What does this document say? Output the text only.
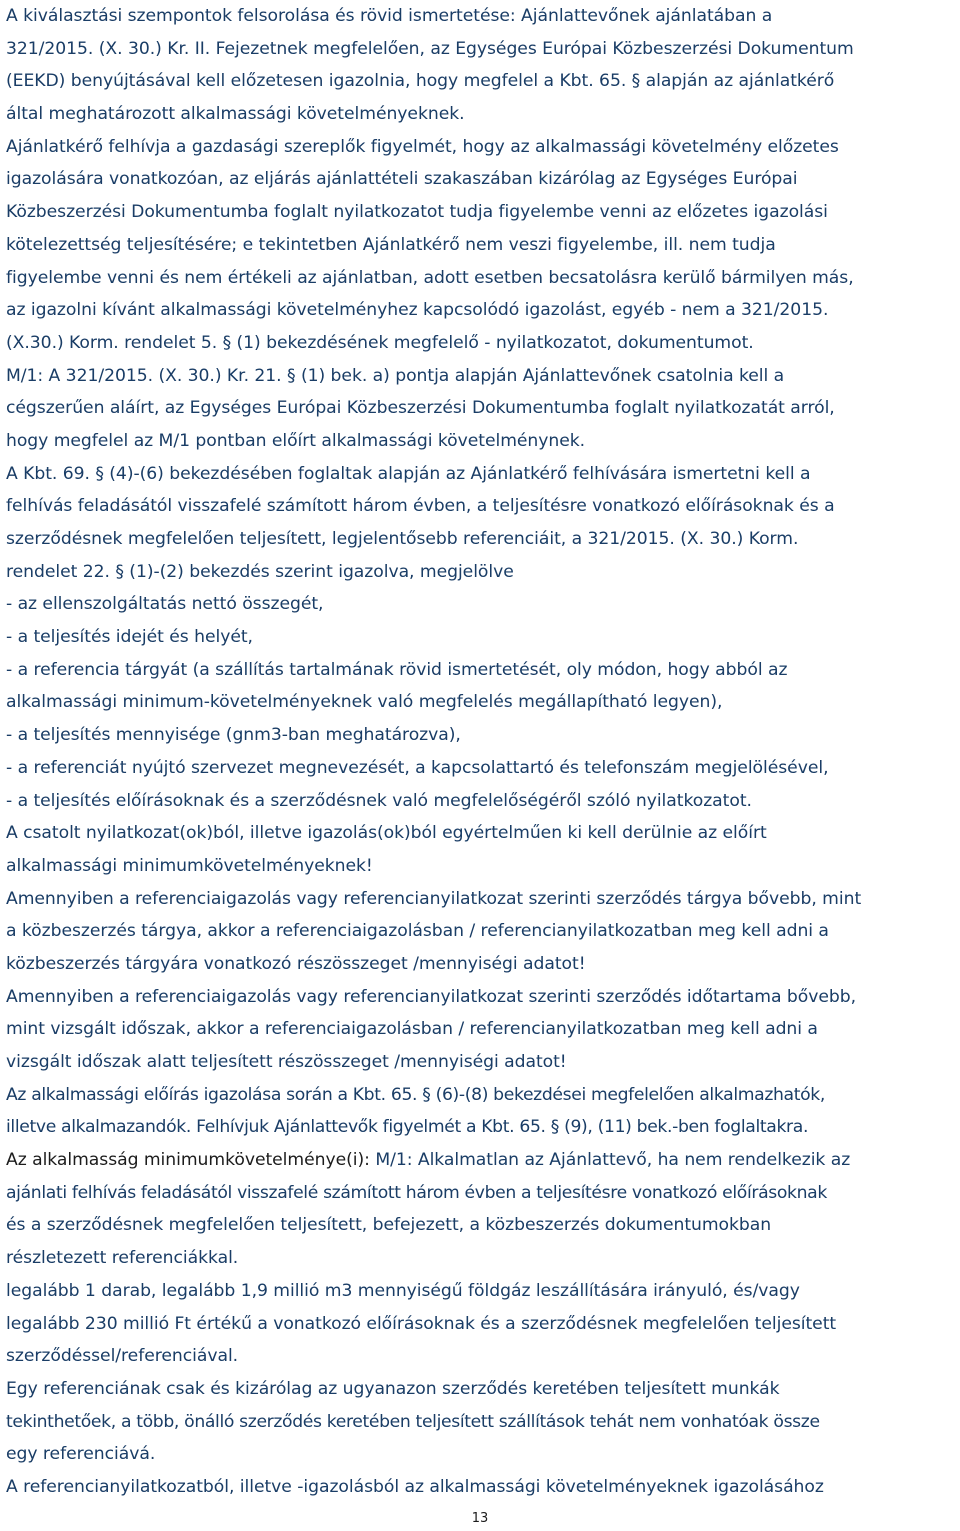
A kiválasztási szempontok felsorolása és rövid ismertetése: Ajánlattevőnek ajánlatában a
321/2015. (X. 30.) Kr. II. Fejezetnek megfelelően, az Egységes Európai Közbeszerzési Dokumentum
(EEKD) benyújtásával kell előzetesen igazolnia, hogy megfelel a Kbt. 65. § alapján az ajánlatkérő
által meghatározott alkalmassági követelményeknek.
Ajánlatkérő felhívja a gazdasági szereplők figyelmét, hogy az alkalmassági követelmény előzetes
igazolására vonatkozóan, az eljárás ajánlattételi szakaszában kizárólag az Egységes Európai
Közbeszerzési Dokumentumba foglalt nyilatkozatot tudja figyelembe venni az előzetes igazolási
kötelezettség teljesítésére; e tekintetben Ajánlatkérő nem veszi figyelembe, ill. nem tudja
figyelembe venni és nem értékeli az ajánlatban, adott esetben becsatolásra kerülő bármilyen más,
az igazolni kívánt alkalmassági követelményhez kapcsolódó igazolást, egyéb - nem a 321/2015.
(X.30.) Korm. rendelet 5. § (1) bekezdésének megfelelő - nyilatkozatot, dokumentumot.
M/1: A 321/2015. (X. 30.) Kr. 21. § (1) bek. a) pontja alapján Ajánlattevőnek csatolnia kell a
cégszerűen aláírt, az Egységes Európai Közbeszerzési Dokumentumba foglalt nyilatkozatát arról,
hogy megfelel az M/1 pontban előírt alkalmassági követelménynek.
A Kbt. 69. § (4)-(6) bekezdésében foglaltak alapján az Ajánlatkérő felhívására ismertetni kell a
felhívás feladásától visszafelé számított három évben, a teljesítésre vonatkozó előírásoknak és a
szerződésnek megfelelően teljesített, legjelentősebb referenciáit, a 321/2015. (X. 30.) Korm.
rendelet 22. § (1)-(2) bekezdés szerint igazolva, megjelölve
- az ellenszolgáltatás nettó összegét,
- a teljesítés idejét és helyét,
- a referencia tárgyát (a szállítás tartalmának rövid ismertetését, oly módon, hogy abból az
alkalmassági minimum-követelményeknek való megfelelés megállapítható legyen),
- a teljesítés mennyisége (gnm3-ban meghatározva),
- a referenciát nyújtó szervezet megnevezését, a kapcsolattartó és telefonszám megjelölésével,
- a teljesítés előírásoknak és a szerződésnek való megfelelőségéről szóló nyilatkozatot.
A csatolt nyilatkozat(ok)ból, illetve igazolás(ok)ból egyértelműen ki kell derülnie az előírt
alkalmassági minimumkövetelményeknek!
Amennyiben a referenciaigazolás vagy referencianyilatkozat szerinti szerződés tárgya bővebb, mint
a közbeszerzés tárgya, akkor a referenciaigazolásban / referencianyilatkozatban meg kell adni a
közbeszerzés tárgyára vonatkozó részösszeget /mennyiségi adatot!
Amennyiben a referenciaigazolás vagy referencianyilatkozat szerinti szerződés időtartama bővebb,
mint vizsgált időszak, akkor a referenciaigazolásban / referencianyilatkozatban meg kell adni a
vizsgált időszak alatt teljesített részösszeget /mennyiségi adatot!
Az alkalmassági előírás igazolása során a Kbt. 65. § (6)-(8) bekezdései megfelelően alkalmazhatók,
illetve alkalmazandók. Felhívjuk Ajánlattevők figyelmét a Kbt. 65. § (9), (11) bek.-ben foglaltakra.
Az alkalmasság minimumkövetelménye(i): M/1: Alkalmatlan az Ajánlattevő, ha nem rendelkezik az
ajánlati felhívás feladásától visszafelé számított három évben a teljesítésre vonatkozó előírásoknak
és a szerződésnek megfelelően teljesített, befejezett, a közbeszerzés dokumentumokban
részletezett referenciákkal.
legalább 1 darab, legalább 1,9 millió m3 mennyiségű földgáz leszállítására irányuló, és/vagy
legalább 230 millió Ft értékű a vonatkozó előírásoknak és a szerződésnek megfelelően teljesített
szerződéssel/referenciával.
Egy referenciának csak és kizárólag az ugyanazon szerződés keretében teljesített munkák
tekinthetőek, a több, önálló szerződés keretében teljesített szállítások tehát nem vonhatóak össze
egy referenciává.
A referencianyilatkozatból, illetve -igazolásból az alkalmassági követelményeknek igazolásához
13
